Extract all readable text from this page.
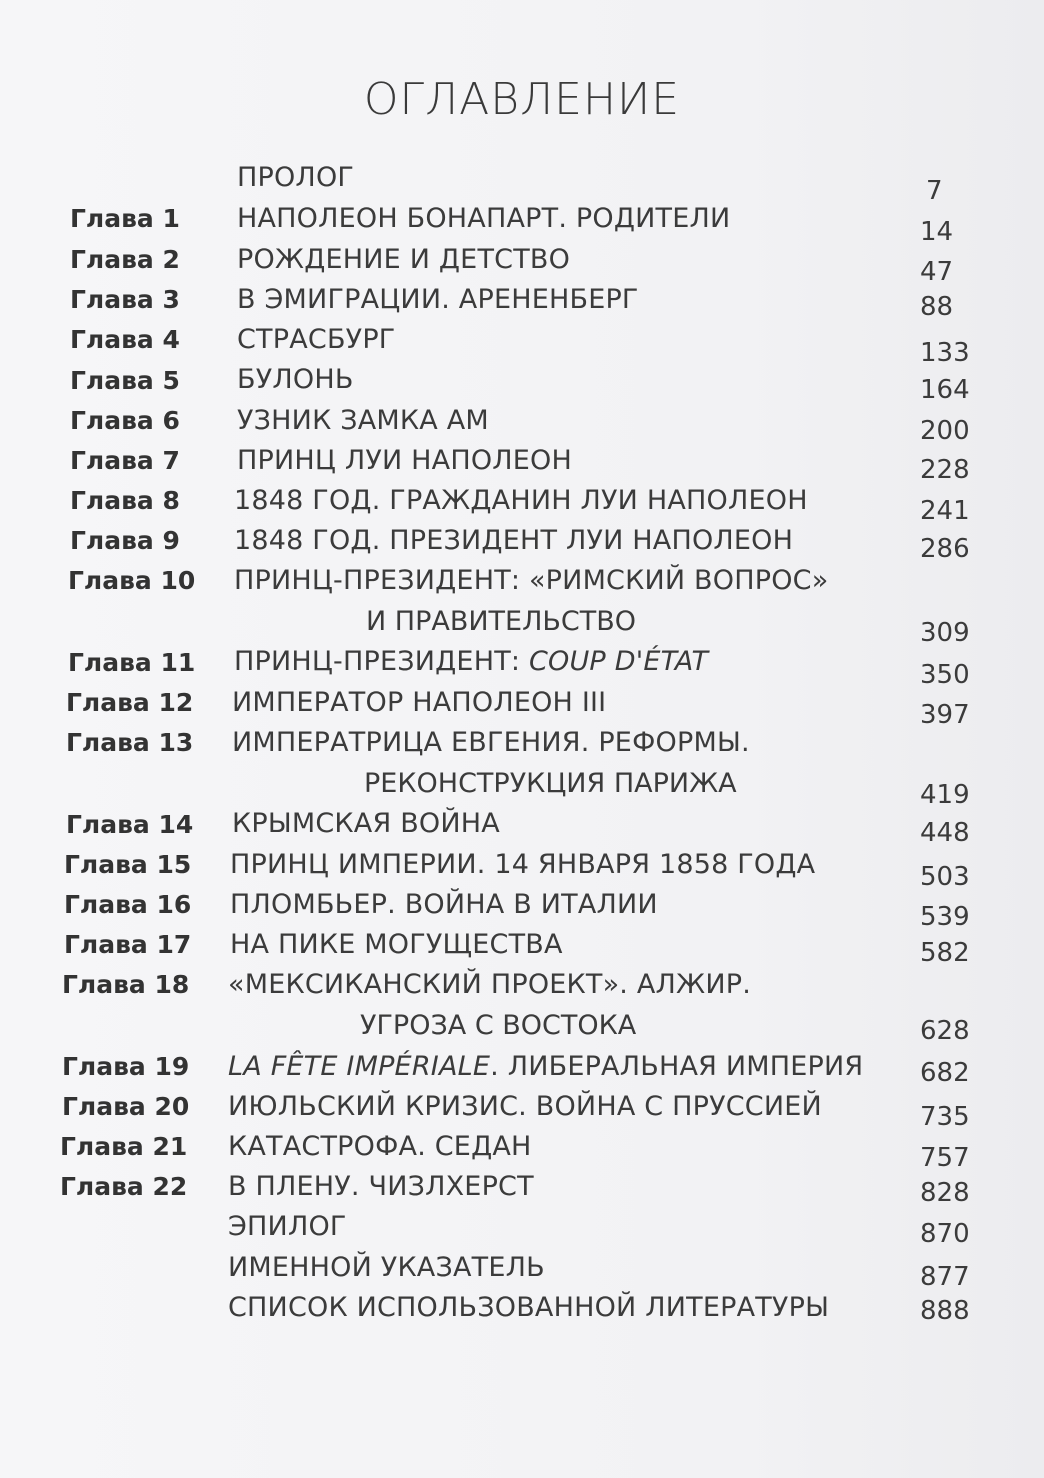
ОГЛАВЛЕНИЕ
ПРОЛОГ	7
Глава 1 НАПОЛЕОН БОНАПАРТ. РОДИТЕЛИ	14
Глава 2 РОЖДЕНИЕ И ДЕТСТВО	47
Глава 3 В ЭМИГРАЦИИ. АРЕНЕНБЕРГ	88
Глава 4 СТРАСБУРГ	133
Глава 5 БУЛОНЬ	164
Глава 6 УЗНИК ЗАМКА АМ	200
Глава 7 ПРИНЦ ЛУИ НАПОЛЕОН	228
Глава 8 1848 ГОД. ГРАЖДАНИН ЛУИ НАПОЛЕОН	241
Глава 9 1848 ГОД. ПРЕЗИДЕНТ ЛУИ НАПОЛЕОН	286
Глава 10 ПРИНЦ-ПРЕЗИДЕНТ: «РИМСКИЙ ВОПРОС»
И ПРАВИТЕЛЬСТВО	309
Глава 11 ПРИНЦ-ПРЕЗИДЕНТ: COUP D'ÉTAT	350
Глава 12 ИМПЕРАТОР НАПОЛЕОН III	397
Глава 13 ИМПЕРАТРИЦА ЕВГЕНИЯ. РЕФОРМЫ.
РЕКОНСТРУКЦИЯ ПАРИЖА	419
Глава 14 КРЫМСКАЯ ВОЙНА	448
Глава 15 ПРИНЦ ИМПЕРИИ. 14 ЯНВАРЯ 1858 ГОДА	503
Глава 16 ПЛОМБЬЕР. ВОЙНА В ИТАЛИИ	539
Глава 17 НА ПИКЕ МОГУЩЕСТВА	582
Глава 18 «МЕКСИКАНСКИЙ ПРОЕКТ». АЛЖИР.
УГРОЗА С ВОСТОКА	628
Глава 19 LA FÊTE IMPÉRIALE. ЛИБЕРАЛЬНАЯ ИМПЕРИЯ 682
Глава 20 ИЮЛЬСКИЙ КРИЗИС. ВОЙНА С ПРУССИЕЙ	735
Глава 21 КАТАСТРОФА. СЕДАН	757
Глава 22 В ПЛЕНУ. ЧИЗЛХЕРСТ	828
ЭПИЛОГ	870
ИМЕННОЙ УКАЗАТЕЛЬ	877
СПИСОК ИСПОЛЬЗОВАННОЙ ЛИТЕРАТУРЫ	888
